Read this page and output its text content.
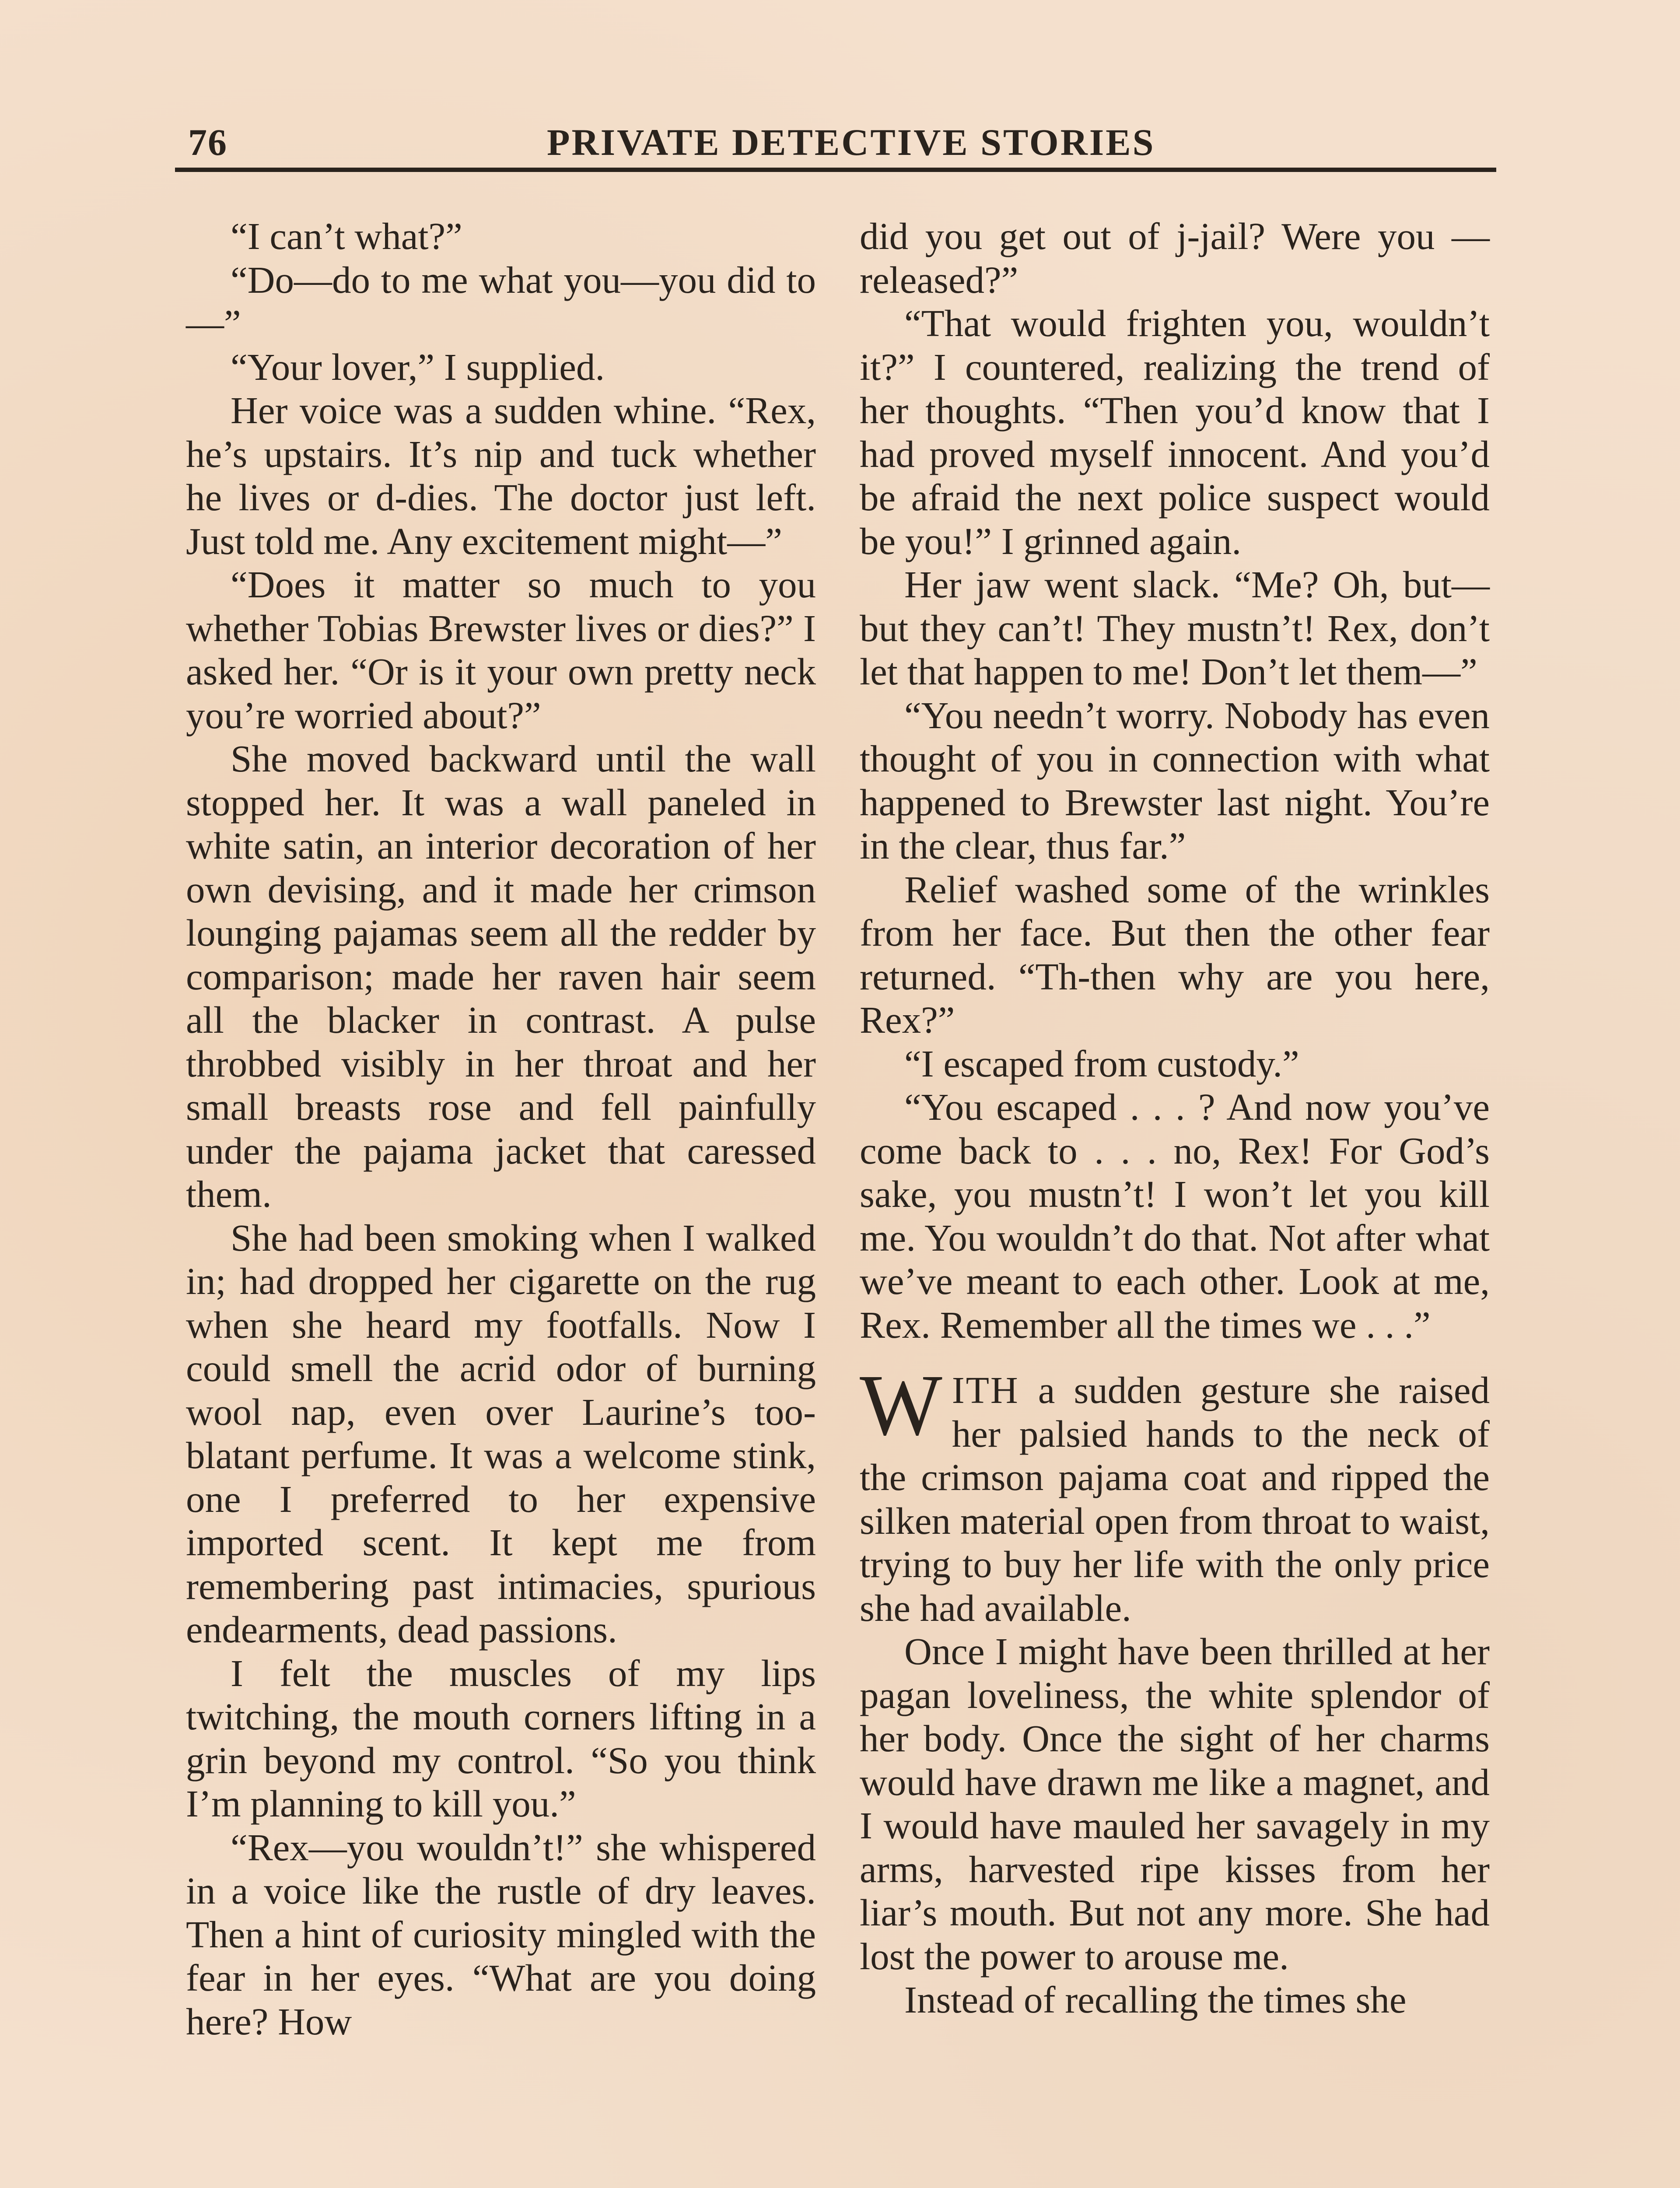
76	PRIVATE DETECTIVE STORIES

“I can’t what?”

“Do—do to me what you—you did to—”

“Your lover,” I supplied.

Her voice was a sudden whine. “Rex, he’s upstairs. It’s nip and tuck whether he lives or d-dies. The doctor just left. Just told me. Any excitement might—”

“Does it matter so much to you whether Tobias Brewster lives or dies?” I asked her. “Or is it your own pretty neck you’re worried about?”

She moved backward until the wall stopped her. It was a wall paneled in white satin, an interior decoration of her own devising, and it made her crimson lounging pajamas seem all the redder by comparison; made her raven hair seem all the blacker in contrast. A pulse throbbed visibly in her throat and her small breasts rose and fell painfully under the pajama jacket that caressed them.

She had been smoking when I walked in; had dropped her cigarette on the rug when she heard my footfalls. Now I could smell the acrid odor of burning wool nap, even over Laurine’s too-blatant perfume. It was a welcome stink, one I preferred to her expensive imported scent. It kept me from remembering past intimacies, spurious endearments, dead passions.

I felt the muscles of my lips twitching, the mouth corners lifting in a grin beyond my control. “So you think I’m planning to kill you.”

“Rex—you wouldn’t!” she whispered in a voice like the rustle of dry leaves. Then a hint of curiosity mingled with the fear in her eyes. “What are you doing here? How

did you get out of j-jail? Were you —released?”

“That would frighten you, wouldn’t it?” I countered, realizing the trend of her thoughts. “Then you’d know that I had proved myself innocent. And you’d be afraid the next police suspect would be you!” I grinned again.

Her jaw went slack. “Me? Oh, but—but they can’t! They mustn’t! Rex, don’t let that happen to me! Don’t let them—”

“You needn’t worry. Nobody has even thought of you in connection with what happened to Brewster last night. You’re in the clear, thus far.”

Relief washed some of the wrinkles from her face. But then the other fear returned. “Th-then why are you here, Rex?”

“I escaped from custody.”

“You escaped . . . ? And now you’ve come back to . . . no, Rex! For God’s sake, you mustn’t! I won’t let you kill me. You wouldn’t do that. Not after what we’ve meant to each other. Look at me, Rex. Remember all the times we . . .”

WITH a sudden gesture she raised her palsied hands to the neck of the crimson pajama coat and ripped the silken material open from throat to waist, trying to buy her life with the only price she had available.

Once I might have been thrilled at her pagan loveliness, the white splendor of her body. Once the sight of her charms would have drawn me like a magnet, and I would have mauled her savagely in my arms, harvested ripe kisses from her liar’s mouth. But not any more. She had lost the power to arouse me.

Instead of recalling the times she
